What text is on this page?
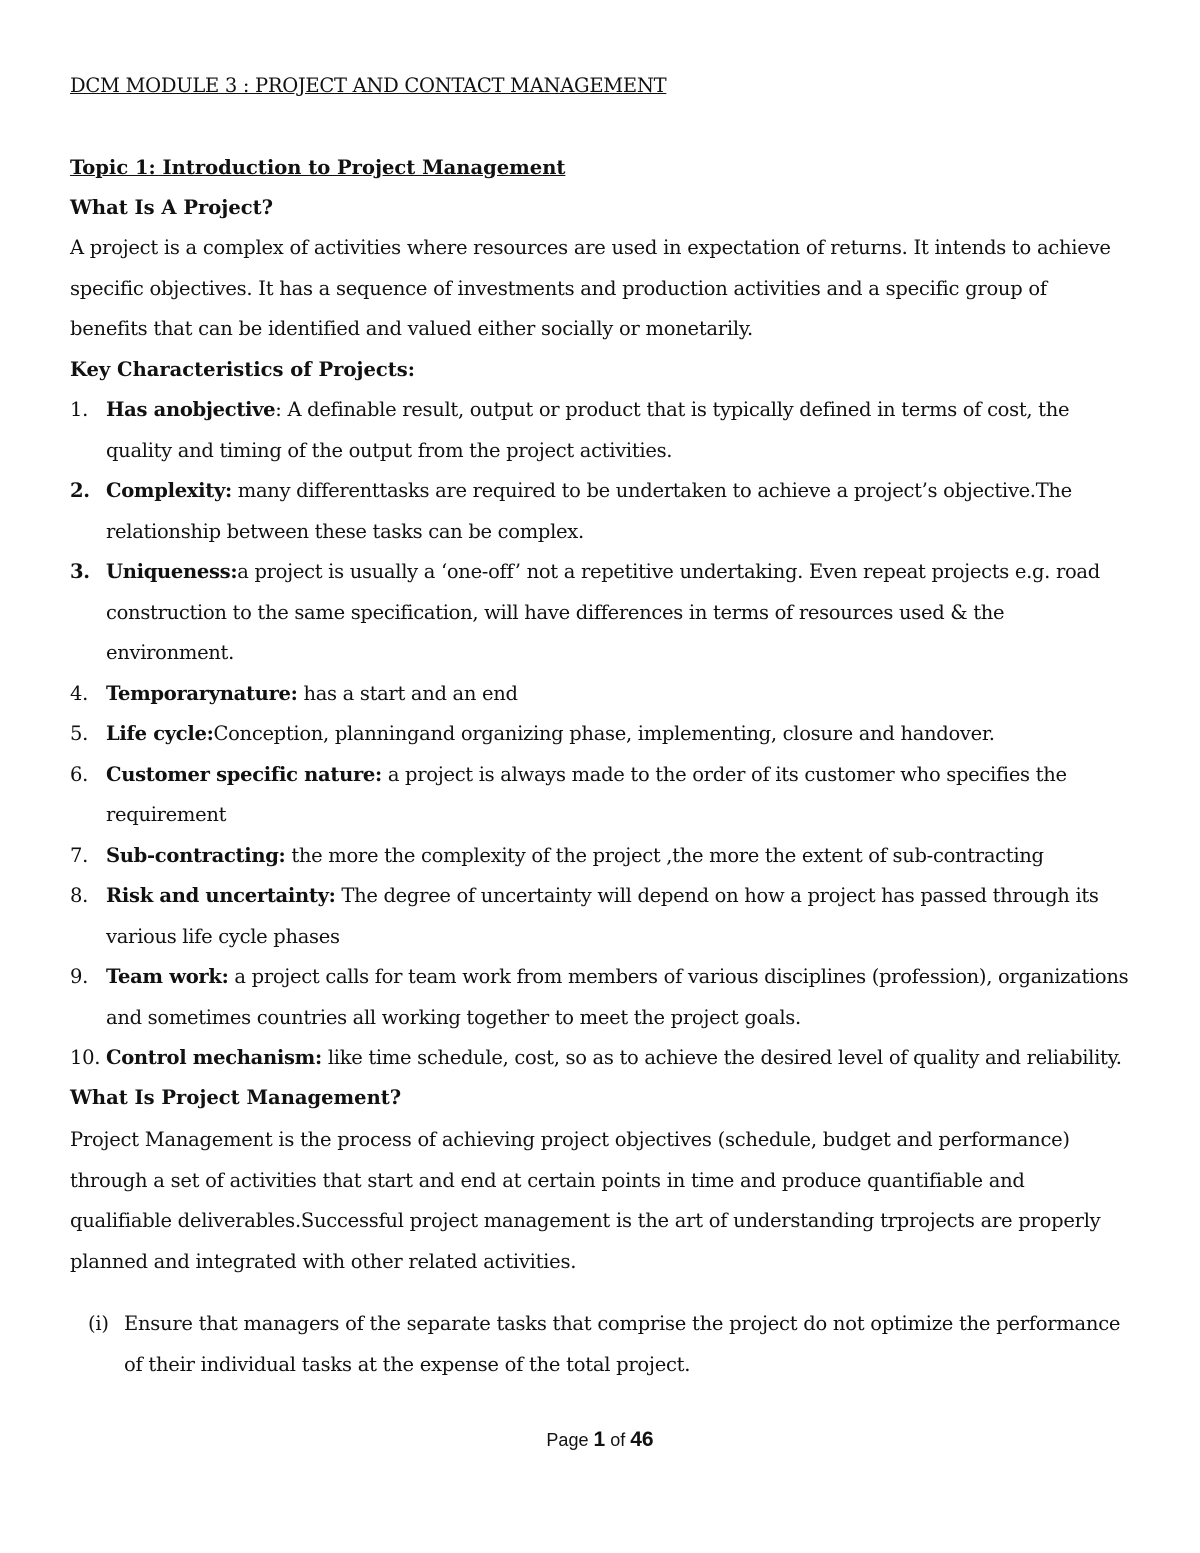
DCM MODULE 3 : PROJECT AND CONTACT MANAGEMENT
Topic 1: Introduction to Project Management
What Is A Project?
A project is a complex of activities where resources are used in expectation of returns. It intends to achieve specific objectives. It has a sequence of investments and production activities and a specific group of benefits that can be identified and valued either socially or monetarily.
Key Characteristics of Projects:
1. Has anobjective: A definable result, output or product that is typically defined in terms of cost, the quality and timing of the output from the project activities.
2. Complexity: many differenttasks are required to be undertaken to achieve a project’s objective.The relationship between these tasks can be complex.
3. Uniqueness:a project is usually a ‘one-off’ not a repetitive undertaking. Even repeat projects e.g. road construction to the same specification, will have differences in terms of resources used & the environment.
4. Temporarynature: has a start and an end
5. Life cycle:Conception, planningand organizing phase, implementing, closure and handover.
6. Customer specific nature: a project is always made to the order of its customer who specifies the requirement
7. Sub-contracting: the more the complexity of the project ,the more the extent of sub-contracting
8. Risk and uncertainty: The degree of uncertainty will depend on how a project has passed through its various life cycle phases
9. Team work: a project calls for team work from members of various disciplines (profession), organizations and sometimes countries all working together to meet the project goals.
10. Control mechanism: like time schedule, cost, so as to achieve the desired level of quality and reliability.
What Is Project Management?
Project Management is the process of achieving project objectives (schedule, budget and performance) through a set of activities that start and end at certain points in time and produce quantifiable and qualifiable deliverables.Successful project management is the art of understanding trprojects are properly planned and integrated with other related activities.
(i) Ensure that managers of the separate tasks that comprise the project do not optimize the performance of their individual tasks at the expense of the total project.
Page 1 of 46
